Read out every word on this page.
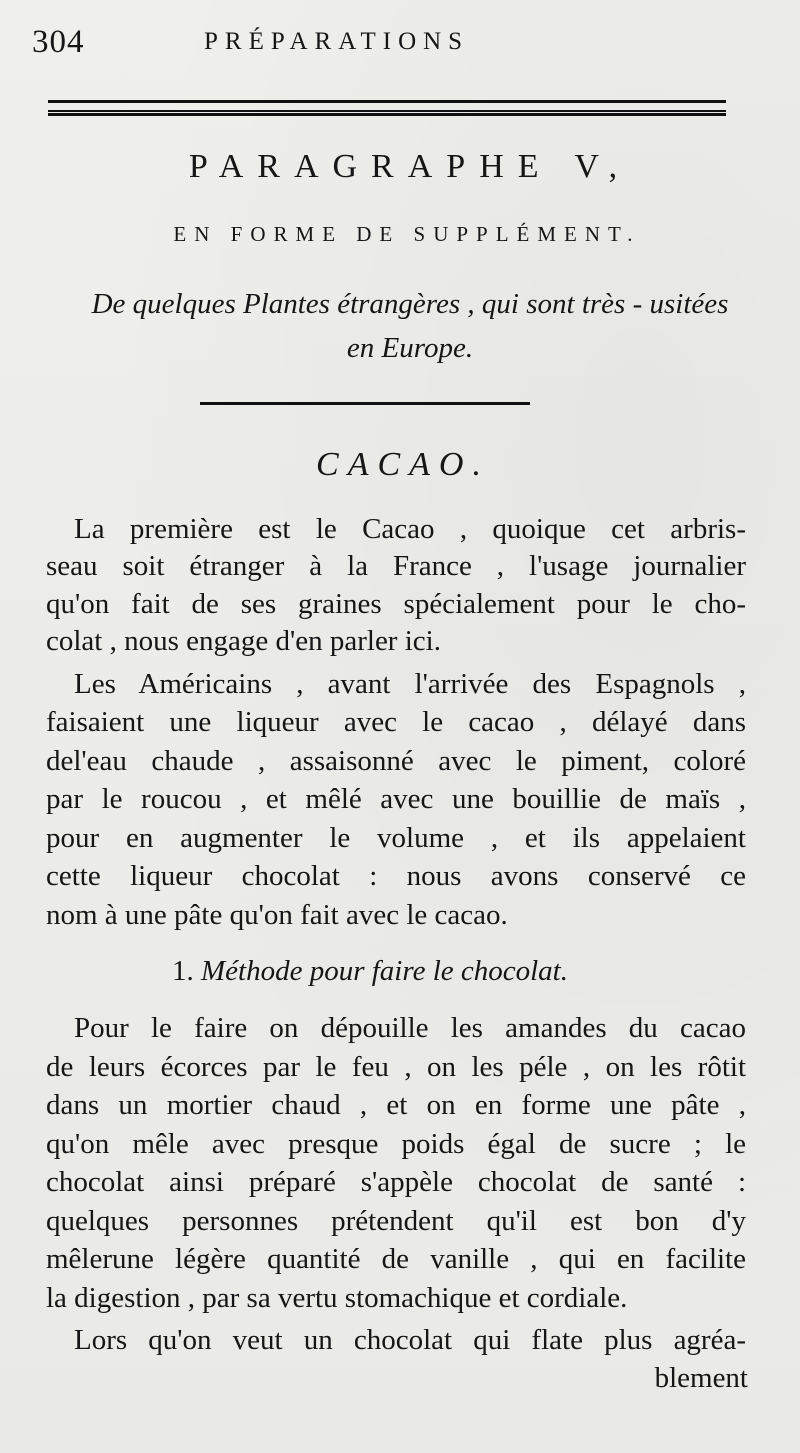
304	PRÉPARATIONS
PARAGRAPHE V,
EN FORME DE SUPPLÉMENT.
De quelques Plantes étrangères , qui sont très - usitées
en Europe.
CACAO.
La première est le Cacao , quoique cet arbris-
seau soit étranger à la France , l'usage journalier
qu'on fait de ses graines spécialement pour le cho-
colat , nous engage d'en parler ici.
Les Américains , avant l'arrivée des Espagnols ,
faisaient une liqueur avec le cacao , délayé dans
del'eau chaude , assaisonné avec le piment, coloré
par le roucou , et mêlé avec une bouillie de maïs ,
pour en augmenter le volume , et ils appelaient
cette liqueur chocolat : nous avons conservé ce
nom à une pâte qu'on fait avec le cacao.
1. Méthode pour faire le chocolat.
Pour le faire on dépouille les amandes du cacao
de leurs écorces par le feu , on les péle , on les rôtit
dans un mortier chaud , et on en forme une pâte ,
qu'on mêle avec presque poids égal de sucre ; le
chocolat ainsi préparé s'appèle chocolat de santé :
quelques personnes prétendent qu'il est bon d'y
mêlerune légère quantité de vanille , qui en facilite
la digestion , par sa vertu stomachique et cordiale.
Lors qu'on veut un chocolat qui flate plus agréa-
blement
